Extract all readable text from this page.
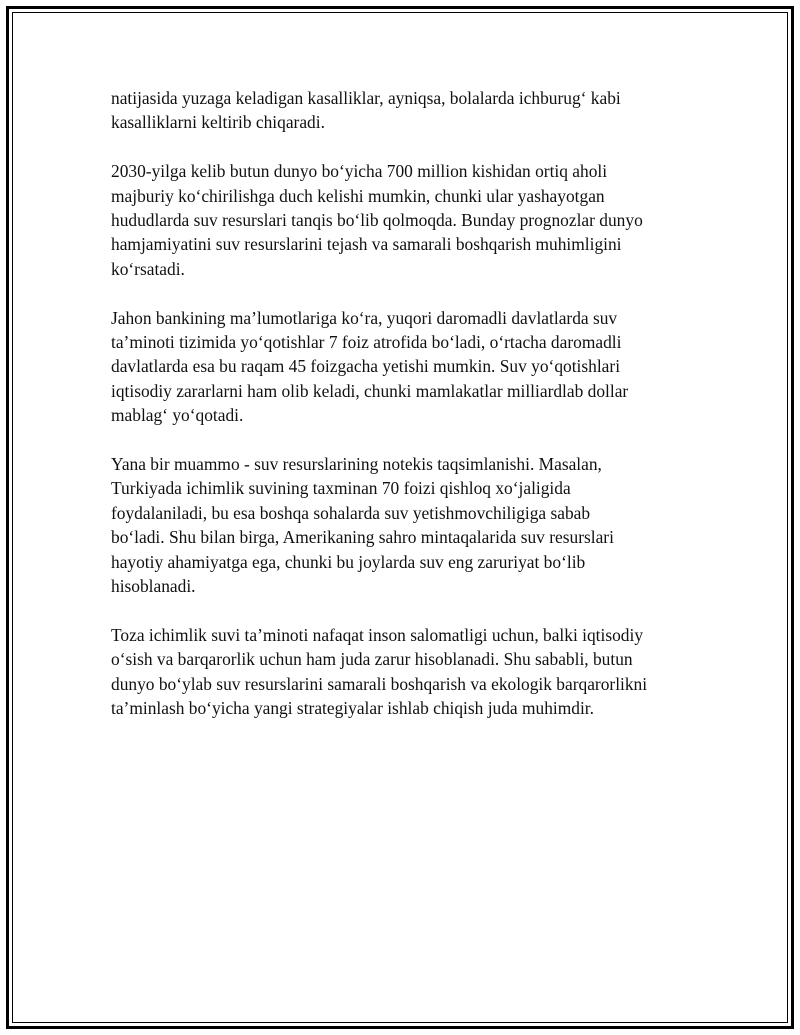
natijasida yuzaga keladigan kasalliklar, ayniqsa, bolalarda ichburugʻ kabi
kasalliklarni keltirib chiqaradi.

2030-yilga kelib butun dunyo bo‘yicha 700 million kishidan ortiq aholi
majburiy ko‘chirilishga duch kelishi mumkin, chunki ular yashayotgan
hududlarda suv resurslari tanqis bo‘lib qolmoqda. Bunday prognozlar dunyo
hamjamiyatini suv resurslarini tejash va samarali boshqarish muhimligini
ko‘rsatadi.

Jahon bankining ma’lumotlariga ko‘ra, yuqori daromadli davlatlarda suv
ta’minoti tizimida yo‘qotishlar 7 foiz atrofida bo‘ladi, o‘rtacha daromadli
davlatlarda esa bu raqam 45 foizgacha yetishi mumkin. Suv yo‘qotishlari
iqtisodiy zararlarni ham olib keladi, chunki mamlakatlar milliardlab dollar
mablagʻ yo‘qotadi.

Yana bir muammo - suv resurslarining notekis taqsimlanishi. Masalan,
Turkiyada ichimlik suvining taxminan 70 foizi qishloq xo‘jaligida
foydalaniladi, bu esa boshqa sohalarda suv yetishmovchiligiga sabab
bo‘ladi. Shu bilan birga, Amerikaning sahro mintaqalarida suv resurslari
hayotiy ahamiyatga ega, chunki bu joylarda suv eng zaruriyat bo‘lib
hisoblanadi.

Toza ichimlik suvi ta’minoti nafaqat inson salomatligi uchun, balki iqtisodiy
o‘sish va barqarorlik uchun ham juda zarur hisoblanadi. Shu sababli, butun
dunyo bo‘ylab suv resurslarini samarali boshqarish va ekologik barqarorlikni
ta’minlash bo‘yicha yangi strategiyalar ishlab chiqish juda muhimdir.
